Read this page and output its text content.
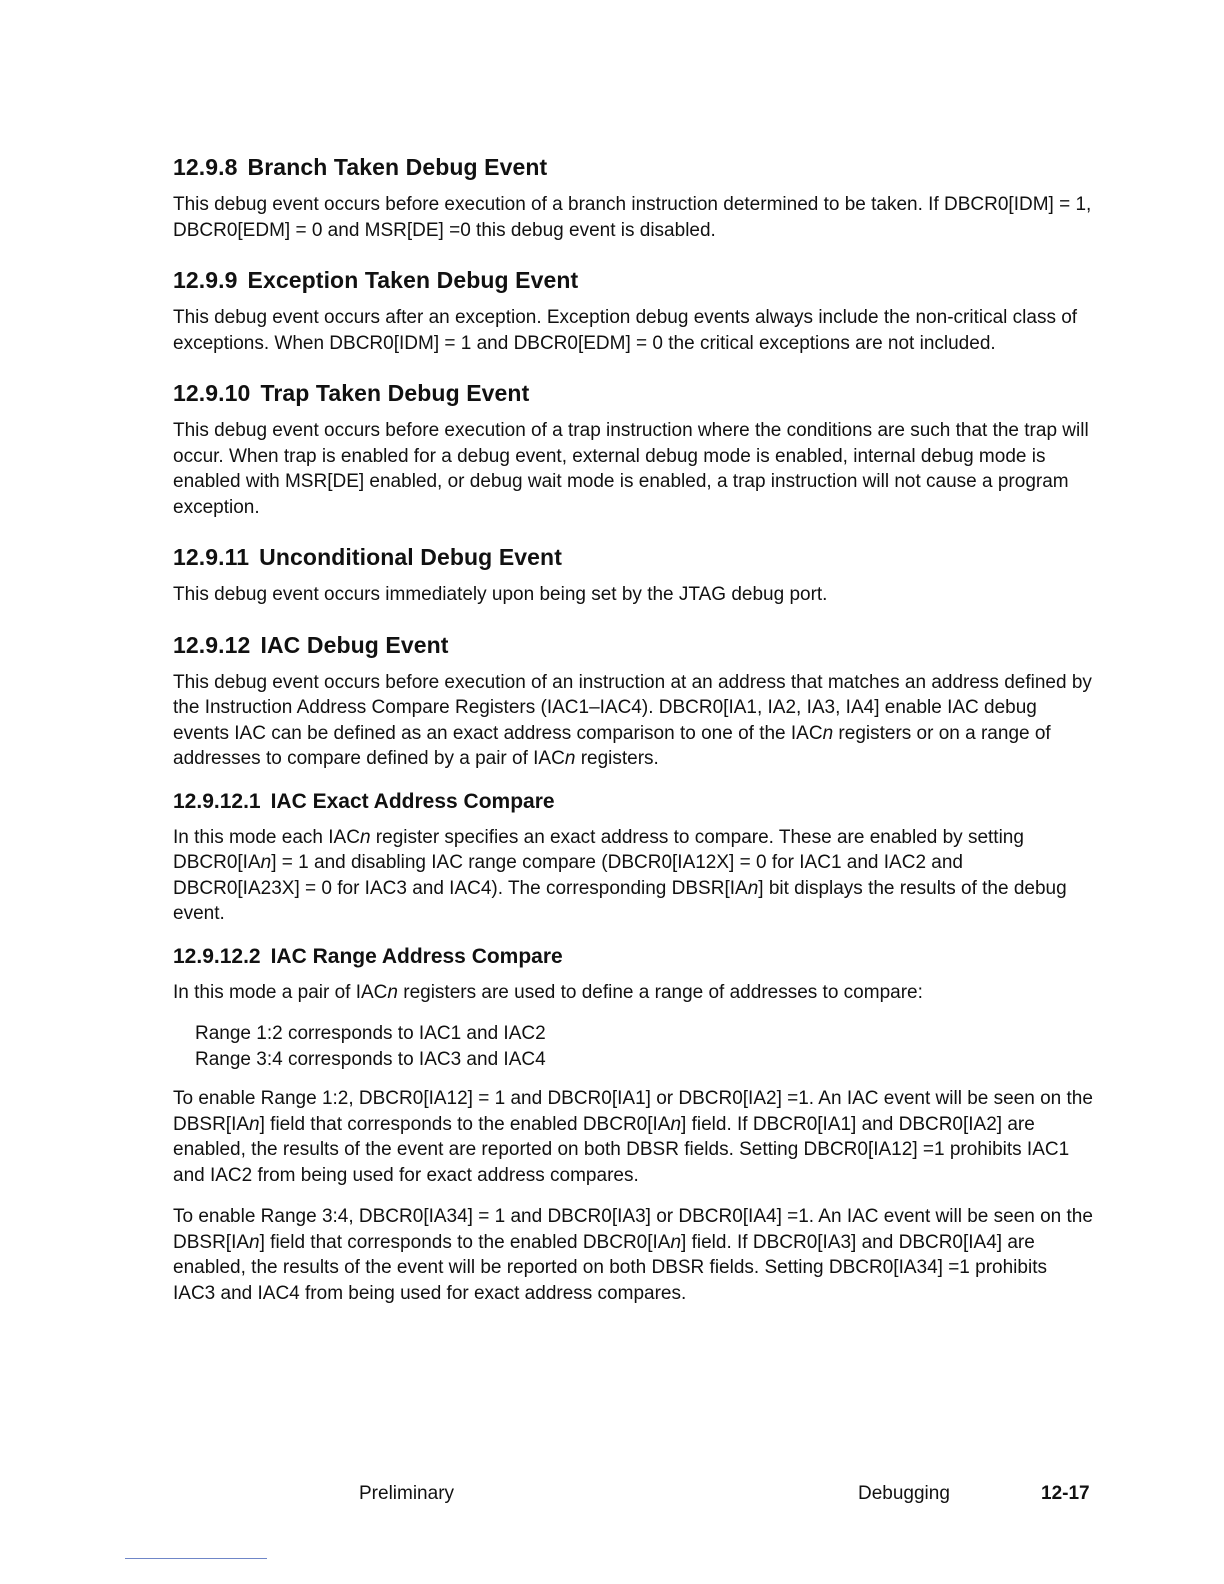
12.9.8 Branch Taken Debug Event

This debug event occurs before execution of a branch instruction determined to be taken. If DBCR0[IDM] = 1, DBCR0[EDM] = 0 and MSR[DE] =0 this debug event is disabled.

12.9.9 Exception Taken Debug Event

This debug event occurs after an exception. Exception debug events always include the non-critical class of exceptions. When DBCR0[IDM] = 1 and DBCR0[EDM] = 0 the critical exceptions are not included.

12.9.10 Trap Taken Debug Event

This debug event occurs before execution of a trap instruction where the conditions are such that the trap will occur. When trap is enabled for a debug event, external debug mode is enabled, internal debug mode is enabled with MSR[DE] enabled, or debug wait mode is enabled, a trap instruction will not cause a program exception.

12.9.11 Unconditional Debug Event

This debug event occurs immediately upon being set by the JTAG debug port.

12.9.12 IAC Debug Event

This debug event occurs before execution of an instruction at an address that matches an address defined by the Instruction Address Compare Registers (IAC1–IAC4). DBCR0[IA1, IA2, IA3, IA4] enable IAC debug events IAC can be defined as an exact address comparison to one of the IACn registers or on a range of addresses to compare defined by a pair of IACn registers.

12.9.12.1 IAC Exact Address Compare

In this mode each IACn register specifies an exact address to compare. These are enabled by setting DBCR0[IAn] = 1 and disabling IAC range compare (DBCR0[IA12X] = 0 for IAC1 and IAC2 and DBCR0[IA23X] = 0 for IAC3 and IAC4). The corresponding DBSR[IAn] bit displays the results of the debug event.

12.9.12.2 IAC Range Address Compare

In this mode a pair of IACn registers are used to define a range of addresses to compare:

Range 1:2 corresponds to IAC1 and IAC2
Range 3:4 corresponds to IAC3 and IAC4

To enable Range 1:2, DBCR0[IA12] = 1 and DBCR0[IA1] or DBCR0[IA2] =1. An IAC event will be seen on the DBSR[IAn] field that corresponds to the enabled DBCR0[IAn] field. If DBCR0[IA1] and DBCR0[IA2] are enabled, the results of the event are reported on both DBSR fields. Setting DBCR0[IA12] =1 prohibits IAC1 and IAC2 from being used for exact address compares.

To enable Range 3:4, DBCR0[IA34] = 1 and DBCR0[IA3] or DBCR0[IA4] =1. An IAC event will be seen on the DBSR[IAn] field that corresponds to the enabled DBCR0[IAn] field. If DBCR0[IA3] and DBCR0[IA4] are enabled, the results of the event will be reported on both DBSR fields. Setting DBCR0[IA34] =1 prohibits IAC3 and IAC4 from being used for exact address compares.

Preliminary	Debugging	12-17
